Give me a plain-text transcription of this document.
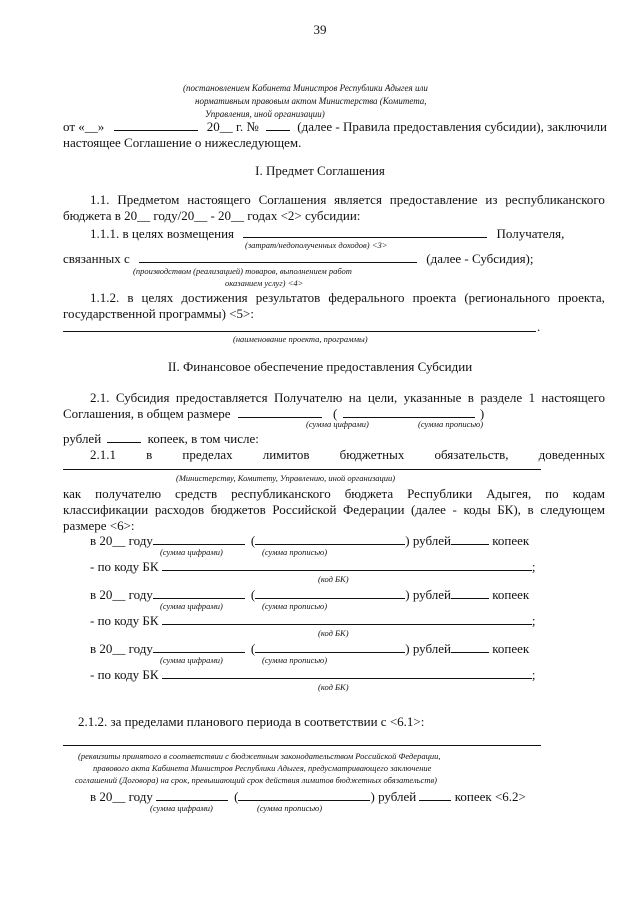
39
(постановлением Кабинета Министров Республики Адыгея или
нормативным правовым актом Министерства (Комитета,
Управления, иной организации)
от «__»	20__ г. №	(далее - Правила предоставления субсидии), заключили
настоящее Соглашение о нижеследующем.
I. Предмет Соглашения
1.1. Предметом настоящего Соглашения является предоставление из республиканского
бюджета в 20__ году/20__ - 20__ годах <2> субсидии:
1.1.1. в целях возмещения	Получателя,
(затрат/недополученных доходов) <3>
связанных с	(далее - Субсидия);
(производством (реализацией) товаров, выполнением работ
оказанием услуг) <4>
1.1.2. в целях достижения результатов федерального проекта (регионального проекта,
государственной программы) <5>:
.
(наименование проекта, программы)
II. Финансовое обеспечение предоставления Субсидии
2.1. Субсидия предоставляется Получателю на цели, указанные в разделе 1 настоящего
Соглашения, в общем размере	(	)
(сумма цифрами)	(сумма прописью)
рублей	копеек, в том числе:
2.1.1 в пределах лимитов бюджетных обязательств, доведенных
(Министерству, Комитету, Управлению, иной организации)
как получателю средств республиканского бюджета Республики Адыгея, по кодам
классификации расходов бюджетов Российской Федерации (далее - коды БК), в следующем
размере <6>:
в 20__ году	(	) рублей	копеек
(сумма цифрами)	(сумма прописью)
- по коду БК	;
(код БК)
в 20__ году	(	) рублей	копеек
(сумма цифрами)	(сумма прописью)
- по коду БК	;
(код БК)
в 20__ году	(	) рублей	копеек
(сумма цифрами)	(сумма прописью)
- по коду БК	;
(код БК)
2.1.2. за пределами планового периода в соответствии с <6.1>:
(реквизиты принятого в соответствии с бюджетным законодательством Российской Федерации,
правового акта Кабинета Министров Республики Адыгея, предусматривающего заключение
соглашений (Договора) на срок, превышающий срок действия лимитов бюджетных обязательств)
в 20__ году	(	) рублей	копеек <6.2>
(сумма цифрами)	(сумма прописью)
